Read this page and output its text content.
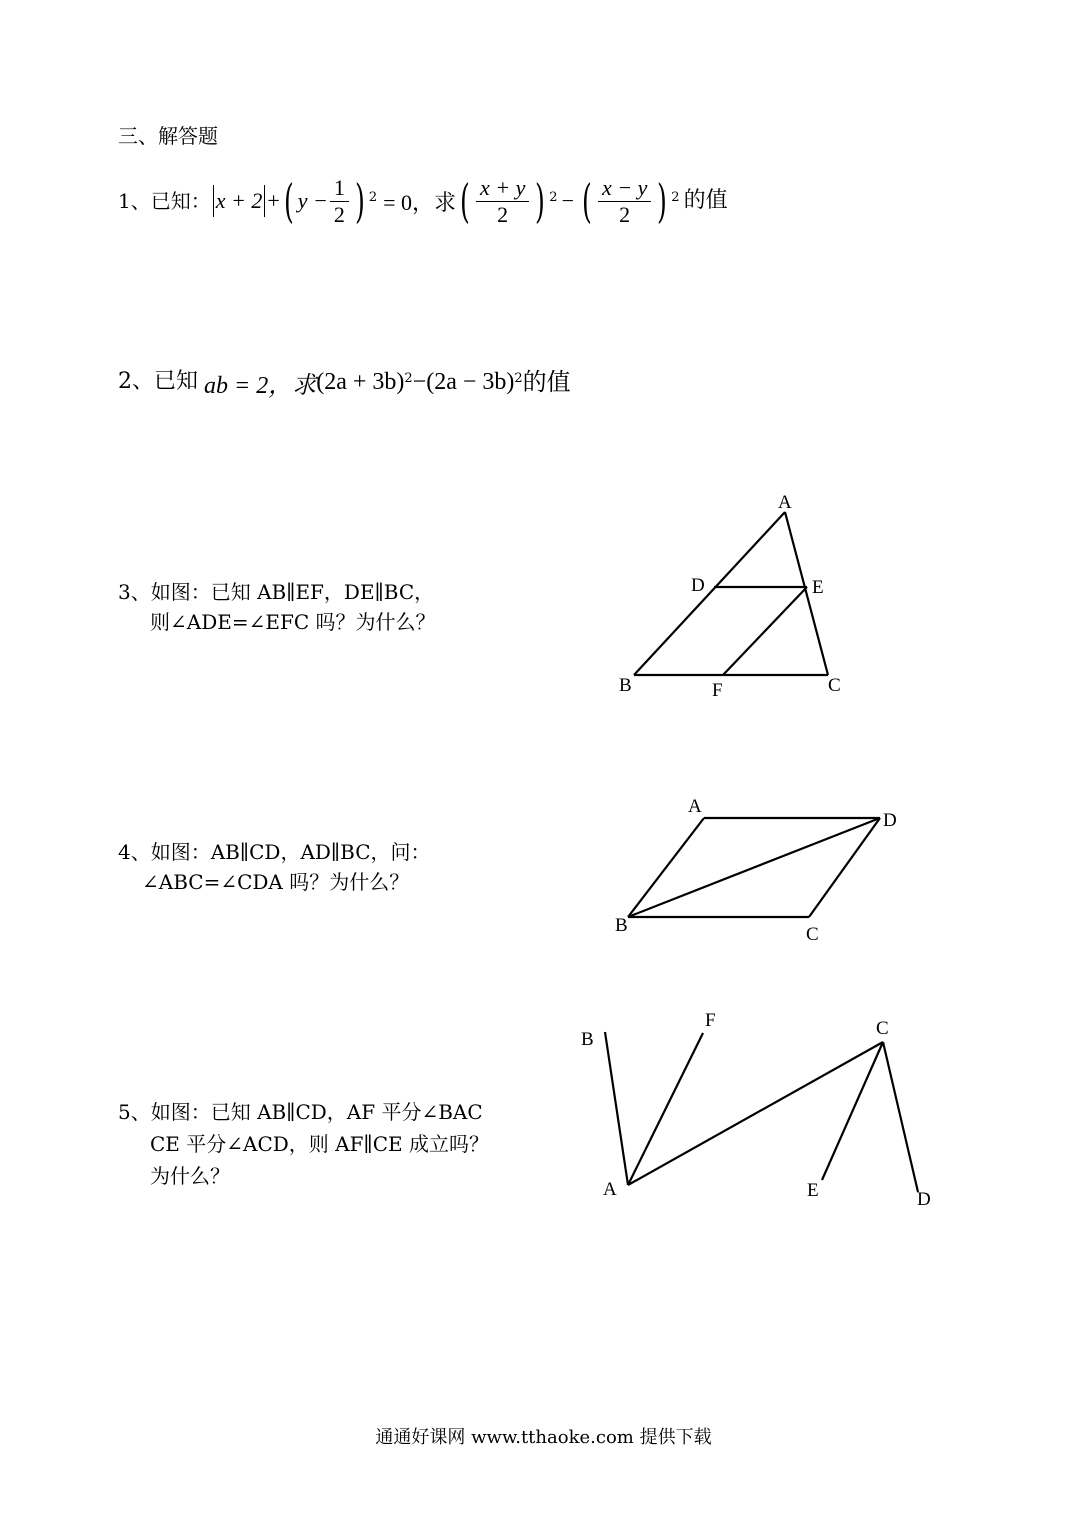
三、解答题
1、已知： x + 2 + ( $y - \frac{1}{2}$ ) 2 = 0，求 ( $\frac{x + y}{2}$ ) 2 − ( $\frac{x - y}{2}$ ) 2 的值
2、已知 ab = 2，求 (2a + 3b) 2 − (2a − 3b) 2 的值
3、如图：已知 AB∥EF，DE∥BC，
则∠ADE=∠EFC 吗？为什么？
A
D	E
B	F	C
4、如图：AB∥CD，AD∥BC，问：
∠ABC=∠CDA 吗？为什么？
A
D
B	C
5、如图：已知 AB∥CD，AF 平分∠BAC
CE 平分∠ACD，则 AF∥CE 成立吗？
为什么？
B
F	C
A	E	D
通通好课网 www.tthaoke.com 提供下载
